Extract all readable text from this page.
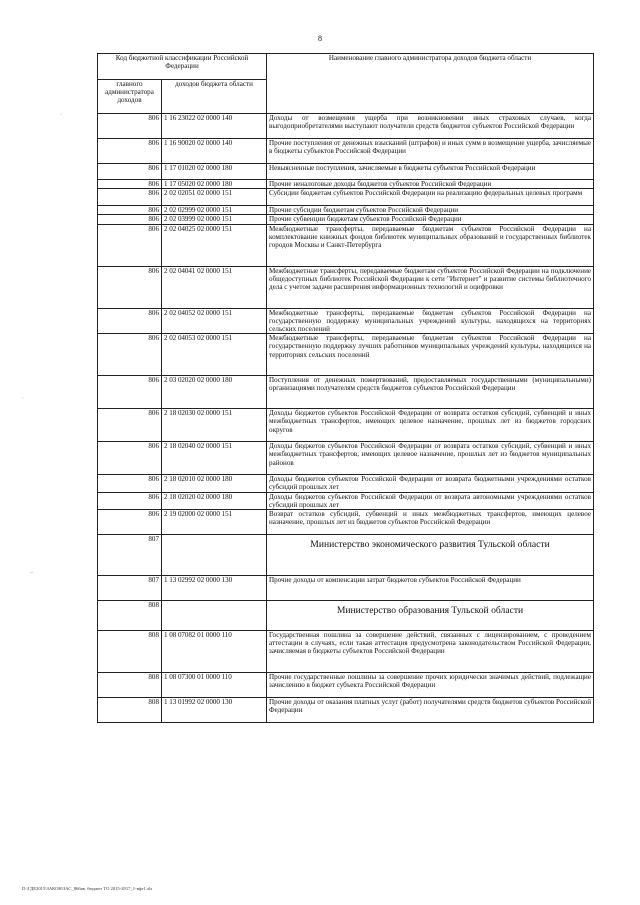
8
·
·
–
Код бюджетной классификации Российской Федерации		Наименование главного администратора доходов бюджета области
главного администратора доходов	доходов бюджета области	
806	1 16 23022 02 0000 140	Доходы от возмещения ущерба при возникновении иных страховых случаев, когда выгодоприобретателями выступают получатели средств бюджетов субъектов Российской Федерации
806	1 16 90020 02 0000 140	Прочие поступления от денежных взысканий (штрафов) и иных сумм в возмещение ущерба, зачисляемые в бюджеты субъектов Российской Федерации
806	1 17 01020 02 0000 180	Невыясненные поступления, зачисляемые в бюджеты субъектов Российской Федерации
806	1 17 05020 02 0000 180	Прочие неналоговые доходы бюджетов субъектов Российской Федерации
806	2 02 02051 02 0000 151	Субсидии бюджетам субъектов Российской Федерации на реализацию федеральных целевых программ
806	2 02 02999 02 0000 151	Прочие субсидии бюджетам субъектов Российской Федерации
806	2 02 03999 02 0000 151	Прочие субвенции бюджетам субъектов Российской Федерации
806	2 02 04025 02 0000 151	Межбюджетные трансферты, передаваемые бюджетам субъектов Российской Федерации на комплектование книжных фондов библиотек муниципальных образований и государственных библиотек городов Москвы и Санкт-Петербурга
806	2 02 04041 02 0000 151	Межбюджетные трансферты, передаваемые бюджетам субъектов Российской Федерации на подключение общедоступных библиотек Российской Федерации к сети "Интернет" и развитие системы библиотечного дела с учетом задачи расширения информационных технологий и оцифровки
806	2 02 04052 02 0000 151	Межбюджетные трансферты, передаваемые бюджетам субъектов Российской Федерации на государственную поддержку муниципальных учреждений культуры, находящихся на территориях сельских поселений
806	2 02 04053 02 0000 151	Межбюджетные трансферты, передаваемые бюджетам субъектов Российской Федерации на государственную поддержку лучших работников муниципальных учреждений культуры, находящихся на территориях сельских поселений
806	2 03 02020 02 0000 180	Поступления от денежных пожертвований, предоставляемых государственными (муниципальными) организациями получателям средств бюджетов субъектов Российской Федерации
806	2 18 02030 02 0000 151	Доходы бюджетов субъектов Российской Федерации от возврата остатков субсидий, субвенций и иных межбюджетных трансфертов, имеющих целевое назначение, прошлых лет из бюджетов городских округов
806	2 18 02040 02 0000 151	Доходы бюджетов субъектов Российской Федерации от возврата остатков субсидий, субвенций и иных межбюджетных трансфертов, имеющих целевое назначение, прошлых лет из бюджетов муниципальных районов
806	2 18 02010 02 0000 180	Доходы бюджетов субъектов Российской Федерации от возврата бюджетными учреждениями остатков субсидий прошлых лет
806	2 18 02020 02 0000 180	Доходы бюджетов субъектов Российской Федерации от возврата автономными учреждениями остатков субсидий прошлых лет
806	2 19 02000 02 0000 151	Возврат остатков субсидий, субвенций и иных межбюджетных трансфертов, имеющих целевое назначение, прошлых лет из бюджетов субъектов Российской Федерации
807		Министерство экономического развития Тульской области
807	1 13 02992 02 0000 130	Прочие доходы от компенсации затрат бюджетов субъектов Российской Федерации
808		Министерство образования Тульской области
808	1 08 07082 01 0000 110	Государственная пошлина за совершение действий, связанных с лицензированием, с проведением аттестации в случаях, если такая аттестация предусмотрена законодательством Российской Федерации, зачисляемая в бюджеты субъектов Российской Федерации
808	1 08 07300 01 0000 110	Прочие государственные пошлины за совершение прочих юридически значимых действий, подлежащие зачислению в бюджет субъекта Российской Федерации
808	1 13 01992 02 0000 130	Прочие доходы от оказания платных услуг (работ) получателями средств бюджетов субъектов Российской Федерации
D:\ГДЕ2015\ЗАКОН\ЗАС_866ав. бюджет ТО 2015-2017_1-вфг1.xls
